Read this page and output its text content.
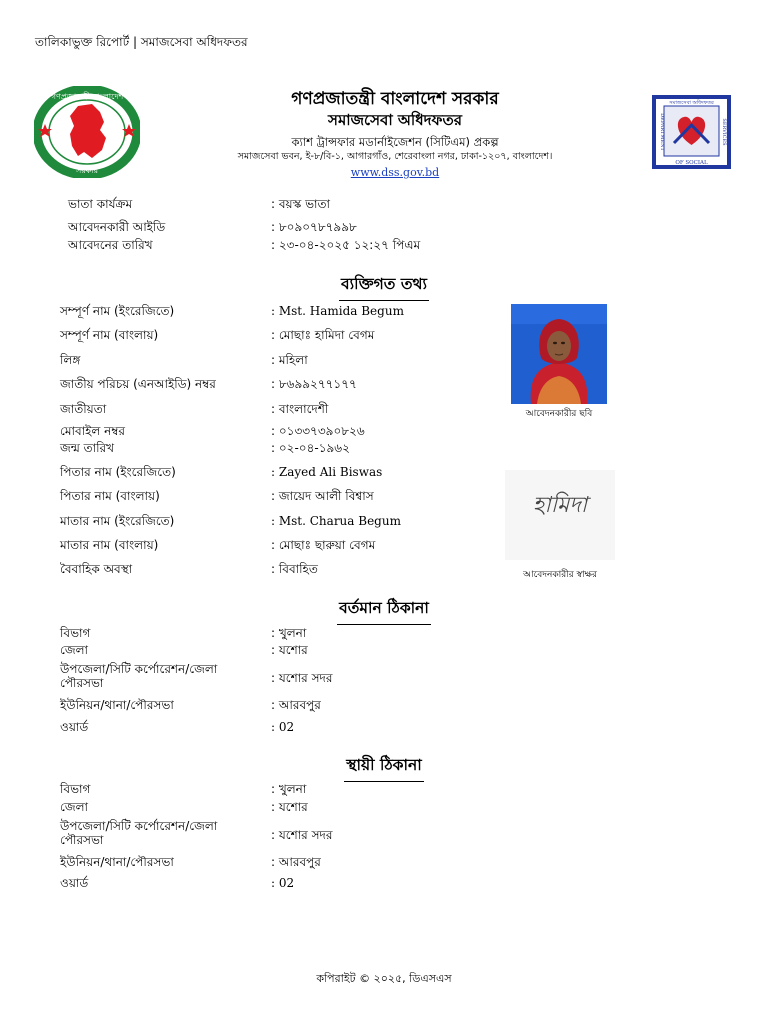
তালিকাভুক্ত রিপোর্ট | সমাজসেবা অধিদফতর
গণপ্রজাতন্ত্রী বাংলাদেশ
সরকার
গণপ্রজাতন্ত্রী বাংলাদেশ সরকার
সমাজসেবা অধিদফতর
ক্যাশ ট্রান্সফার মডার্নাইজেশন (সিটিএম) প্রকল্প
সমাজসেবা ভবন, ই-৮/বি-১, আগারগাঁও, শেরেবাংলা নগর, ঢাকা-১২০৭, বাংলাদেশ।
www.dss.gov.bd
সমাজসেবা অধিদফতর
DEPARTMENT	SERVICES
OF SOCIAL
ভাতা কার্যক্রম	: বয়স্ক ভাতা
আবেদনকারী আইডি	: ৮০৯০৭৮৭৯৯৮
আবেদনের তারিখ	: ২৩-০৪-২০২৫ ১২:২৭ পিএম
ব্যক্তিগত তথ্য
সম্পূর্ণ নাম (ইংরেজিতে)	: Mst. Hamida Begum
সম্পূর্ণ নাম (বাংলায়)	: মোছাঃ হামিদা বেগম
লিঙ্গ	: মহিলা
জাতীয় পরিচয় (এনআইডি) নম্বর	: ৮৬৯৯২৭৭১৭৭
জাতীয়তা	: বাংলাদেশী
মোবাইল নম্বর	: ০১৩৩৭৩৯০৮২৬
জন্ম তারিখ	: ০২-০৪-১৯৬২
পিতার নাম (ইংরেজিতে)	: Zayed Ali Biswas
পিতার নাম (বাংলায়)	: জায়েদ আলী বিশ্বাস
মাতার নাম (ইংরেজিতে)	: Mst. Charua Begum
মাতার নাম (বাংলায়)	: মোছাঃ ছারুয়া বেগম
বৈবাহিক অবস্থা	: বিবাহিত
আবেদনকারীর ছবি
হামিদা
আবেদনকারীর স্বাক্ষর
বর্তমান ঠিকানা
বিভাগ	: খুলনা
জেলা	: যশোর
উপজেলা/সিটি কর্পোরেশন/জেলা পৌরসভা	: যশোর সদর
ইউনিয়ন/থানা/পৌরসভা	: আরবপুর
ওয়ার্ড	: 02
স্থায়ী ঠিকানা
বিভাগ	: খুলনা
জেলা	: যশোর
উপজেলা/সিটি কর্পোরেশন/জেলা পৌরসভা	: যশোর সদর
ইউনিয়ন/থানা/পৌরসভা	: আরবপুর
ওয়ার্ড	: 02
কপিরাইট © ২০২৫, ডিএসএস
